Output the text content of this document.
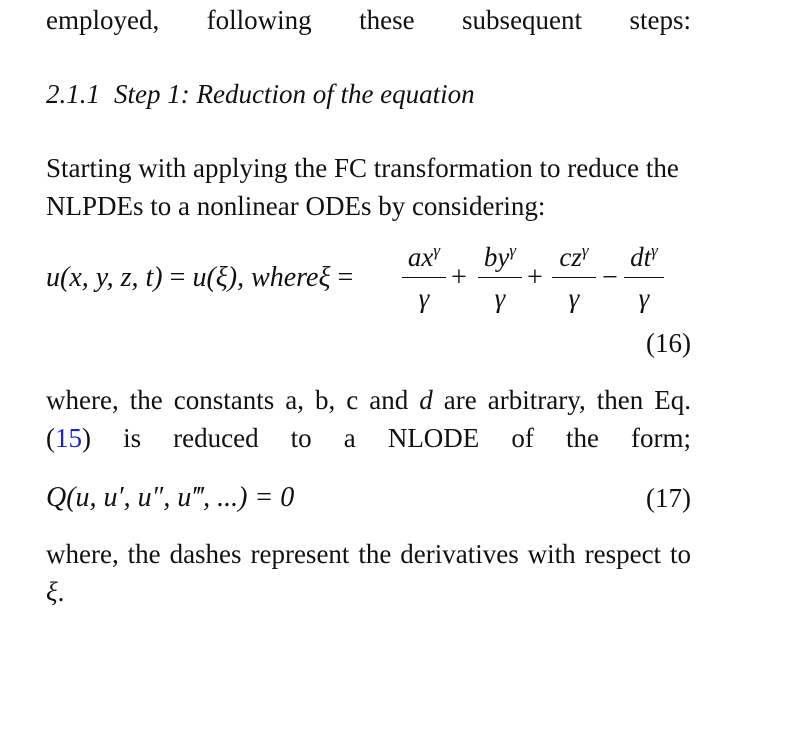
employed, following these subsequent steps:

2.1.1 Step 1: Reduction of the equation

Starting with applying the FC transformation to reduce the NLPDEs to a nonlinear ODEs by considering:

u(x, y, z, t) = u(ξ), whereξ =
$ax^\gamma$
γ
+
$by^\gamma$
γ
+
$cz^\gamma$
γ
−
$dt^\gamma$
γ
(16)

where, the constants a, b, c and d are arbitrary, then Eq. (15) is reduced to a NLODE of the form;

Q(u, u′, u″, u‴, ...) = 0	(17)

where, the dashes represent the derivatives with respect to ξ.
